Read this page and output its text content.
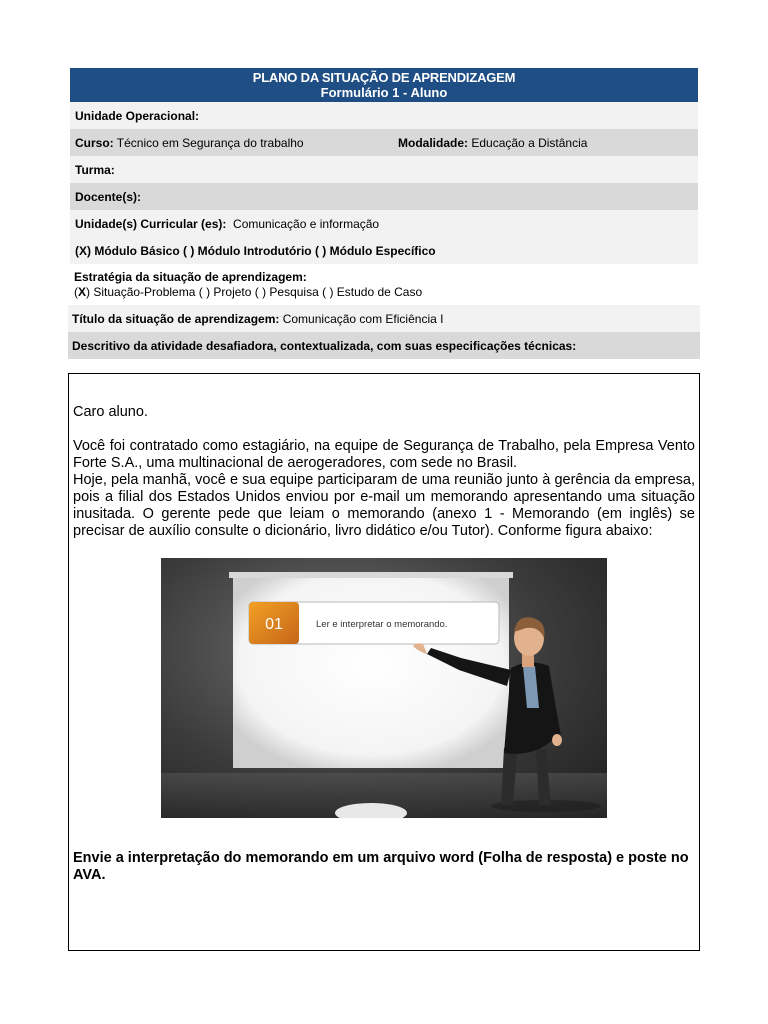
PLANO DA SITUAÇÃO DE APRENDIZAGEM
Formulário 1 - Aluno
Unidade Operacional:
Curso: Técnico em Segurança do trabalho	Modalidade: Educação a Distância
Turma:
Docente(s):
Unidade(s) Curricular (es):
Comunicação e informação
(X) Módulo Básico ( ) Módulo Introdutório ( ) Módulo Específico
Estratégia da situação de aprendizagem:
(X) Situação-Problema ( ) Projeto ( ) Pesquisa ( ) Estudo de Caso
Título da situação de aprendizagem:
Comunicação com Eficiência I
Descritivo da atividade desafiadora, contextualizada, com suas especificações técnicas:

Caro aluno.

Você foi contratado como estagiário, na equipe de Segurança de Trabalho, pela Empresa Vento Forte S.A., uma multinacional de aerogeradores, com sede no Brasil.

Hoje, pela manhã, você e sua equipe participaram de uma reunião junto à gerência da empresa, pois a filial dos Estados Unidos enviou por e-mail um memorando apresentando uma situação inusitada. O gerente pede que leiam o memorando (anexo 1 - Memorando (em inglês) se precisar de auxílio consulte o dicionário, livro didático e/ou Tutor). Conforme figura abaixo:

01	Ler e interpretar o memorando.
Envie a interpretação do memorando em um arquivo word (Folha de resposta) e poste no AVA.
